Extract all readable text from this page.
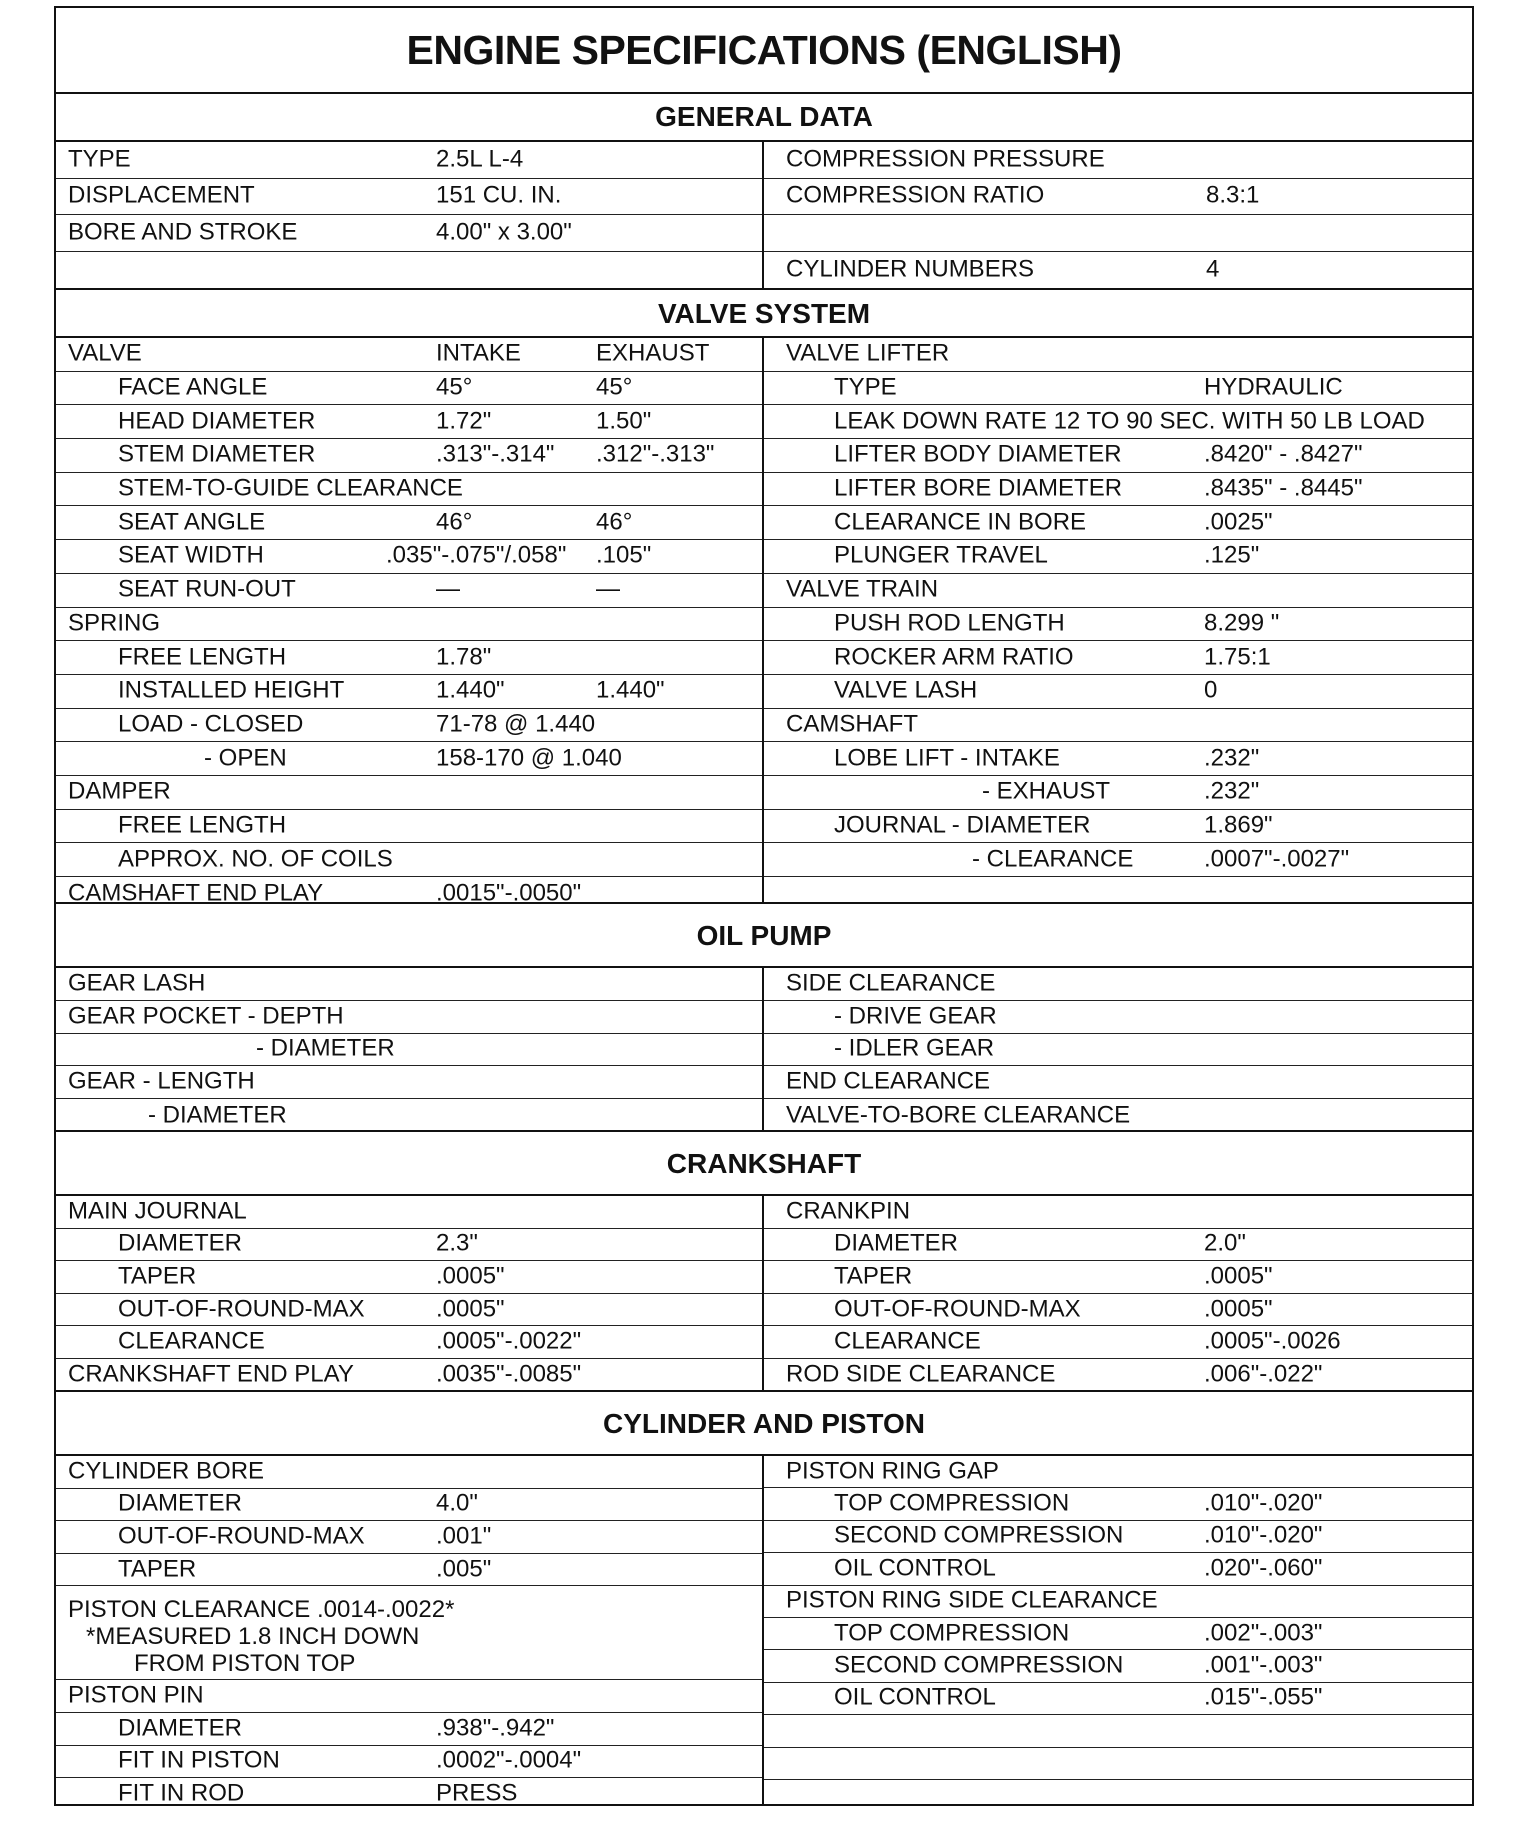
ENGINE SPECIFICATIONS (ENGLISH)
GENERAL DATA
TYPE	2.5L L-4
DISPLACEMENT	151 CU. IN.
BORE AND STROKE	4.00" x 3.00"
COMPRESSION PRESSURE
COMPRESSION RATIO	8.3:1
CYLINDER NUMBERS	4
VALVE SYSTEM
VALVE	INTAKE	EXHAUST
FACE ANGLE	45°	45°
HEAD DIAMETER	1.72"	1.50"
STEM DIAMETER	.313"-.314" .312"-.313"
STEM-TO-GUIDE CLEARANCE
SEAT ANGLE	46°	46°
SEAT WIDTH	.035"-.075"/.058" .105"
SEAT RUN-OUT	—	—
SPRING
FREE LENGTH	1.78"
INSTALLED HEIGHT	1.440"	1.440"
LOAD - CLOSED	71-78 @ 1.440
- OPEN	158-170 @ 1.040
DAMPER
FREE LENGTH
APPROX. NO. OF COILS
CAMSHAFT END PLAY	.0015"-.0050"
VALVE LIFTER
TYPE	HYDRAULIC
LEAK DOWN RATE 12 TO 90 SEC. WITH 50 LB LOAD
LIFTER BODY DIAMETER	.8420" - .8427"
LIFTER BORE DIAMETER	.8435" - .8445"
CLEARANCE IN BORE	.0025"
PLUNGER TRAVEL	.125"
VALVE TRAIN
PUSH ROD LENGTH	8.299 "
ROCKER ARM RATIO	1.75:1
VALVE LASH	0
CAMSHAFT
LOBE LIFT - INTAKE	.232"
- EXHAUST	.232"
JOURNAL - DIAMETER	1.869"
- CLEARANCE	.0007"-.0027"
OIL PUMP
GEAR LASH
GEAR POCKET - DEPTH
- DIAMETER
GEAR - LENGTH
- DIAMETER
SIDE CLEARANCE
- DRIVE GEAR
- IDLER GEAR
END CLEARANCE
VALVE-TO-BORE CLEARANCE
CRANKSHAFT
MAIN JOURNAL
DIAMETER	2.3"
TAPER	.0005"
OUT-OF-ROUND-MAX	.0005"
CLEARANCE	.0005"-.0022"
CRANKSHAFT END PLAY	.0035"-.0085"
CRANKPIN
DIAMETER	2.0"
TAPER	.0005"
OUT-OF-ROUND-MAX	.0005"
CLEARANCE	.0005"-.0026
ROD SIDE CLEARANCE	.006"-.022"
CYLINDER AND PISTON
CYLINDER BORE
DIAMETER	4.0"
OUT-OF-ROUND-MAX	.001"
TAPER	.005"
PISTON CLEARANCE .0014-.0022*
*MEASURED 1.8 INCH DOWN
FROM PISTON TOP
PISTON PIN
DIAMETER	.938"-.942"
FIT IN PISTON	.0002"-.0004"
FIT IN ROD	PRESS
PISTON RING GAP
TOP COMPRESSION	.010"-.020"
SECOND COMPRESSION	.010"-.020"
OIL CONTROL	.020"-.060"
PISTON RING SIDE CLEARANCE
TOP COMPRESSION	.002"-.003"
SECOND COMPRESSION	.001"-.003"
OIL CONTROL	.015"-.055"
